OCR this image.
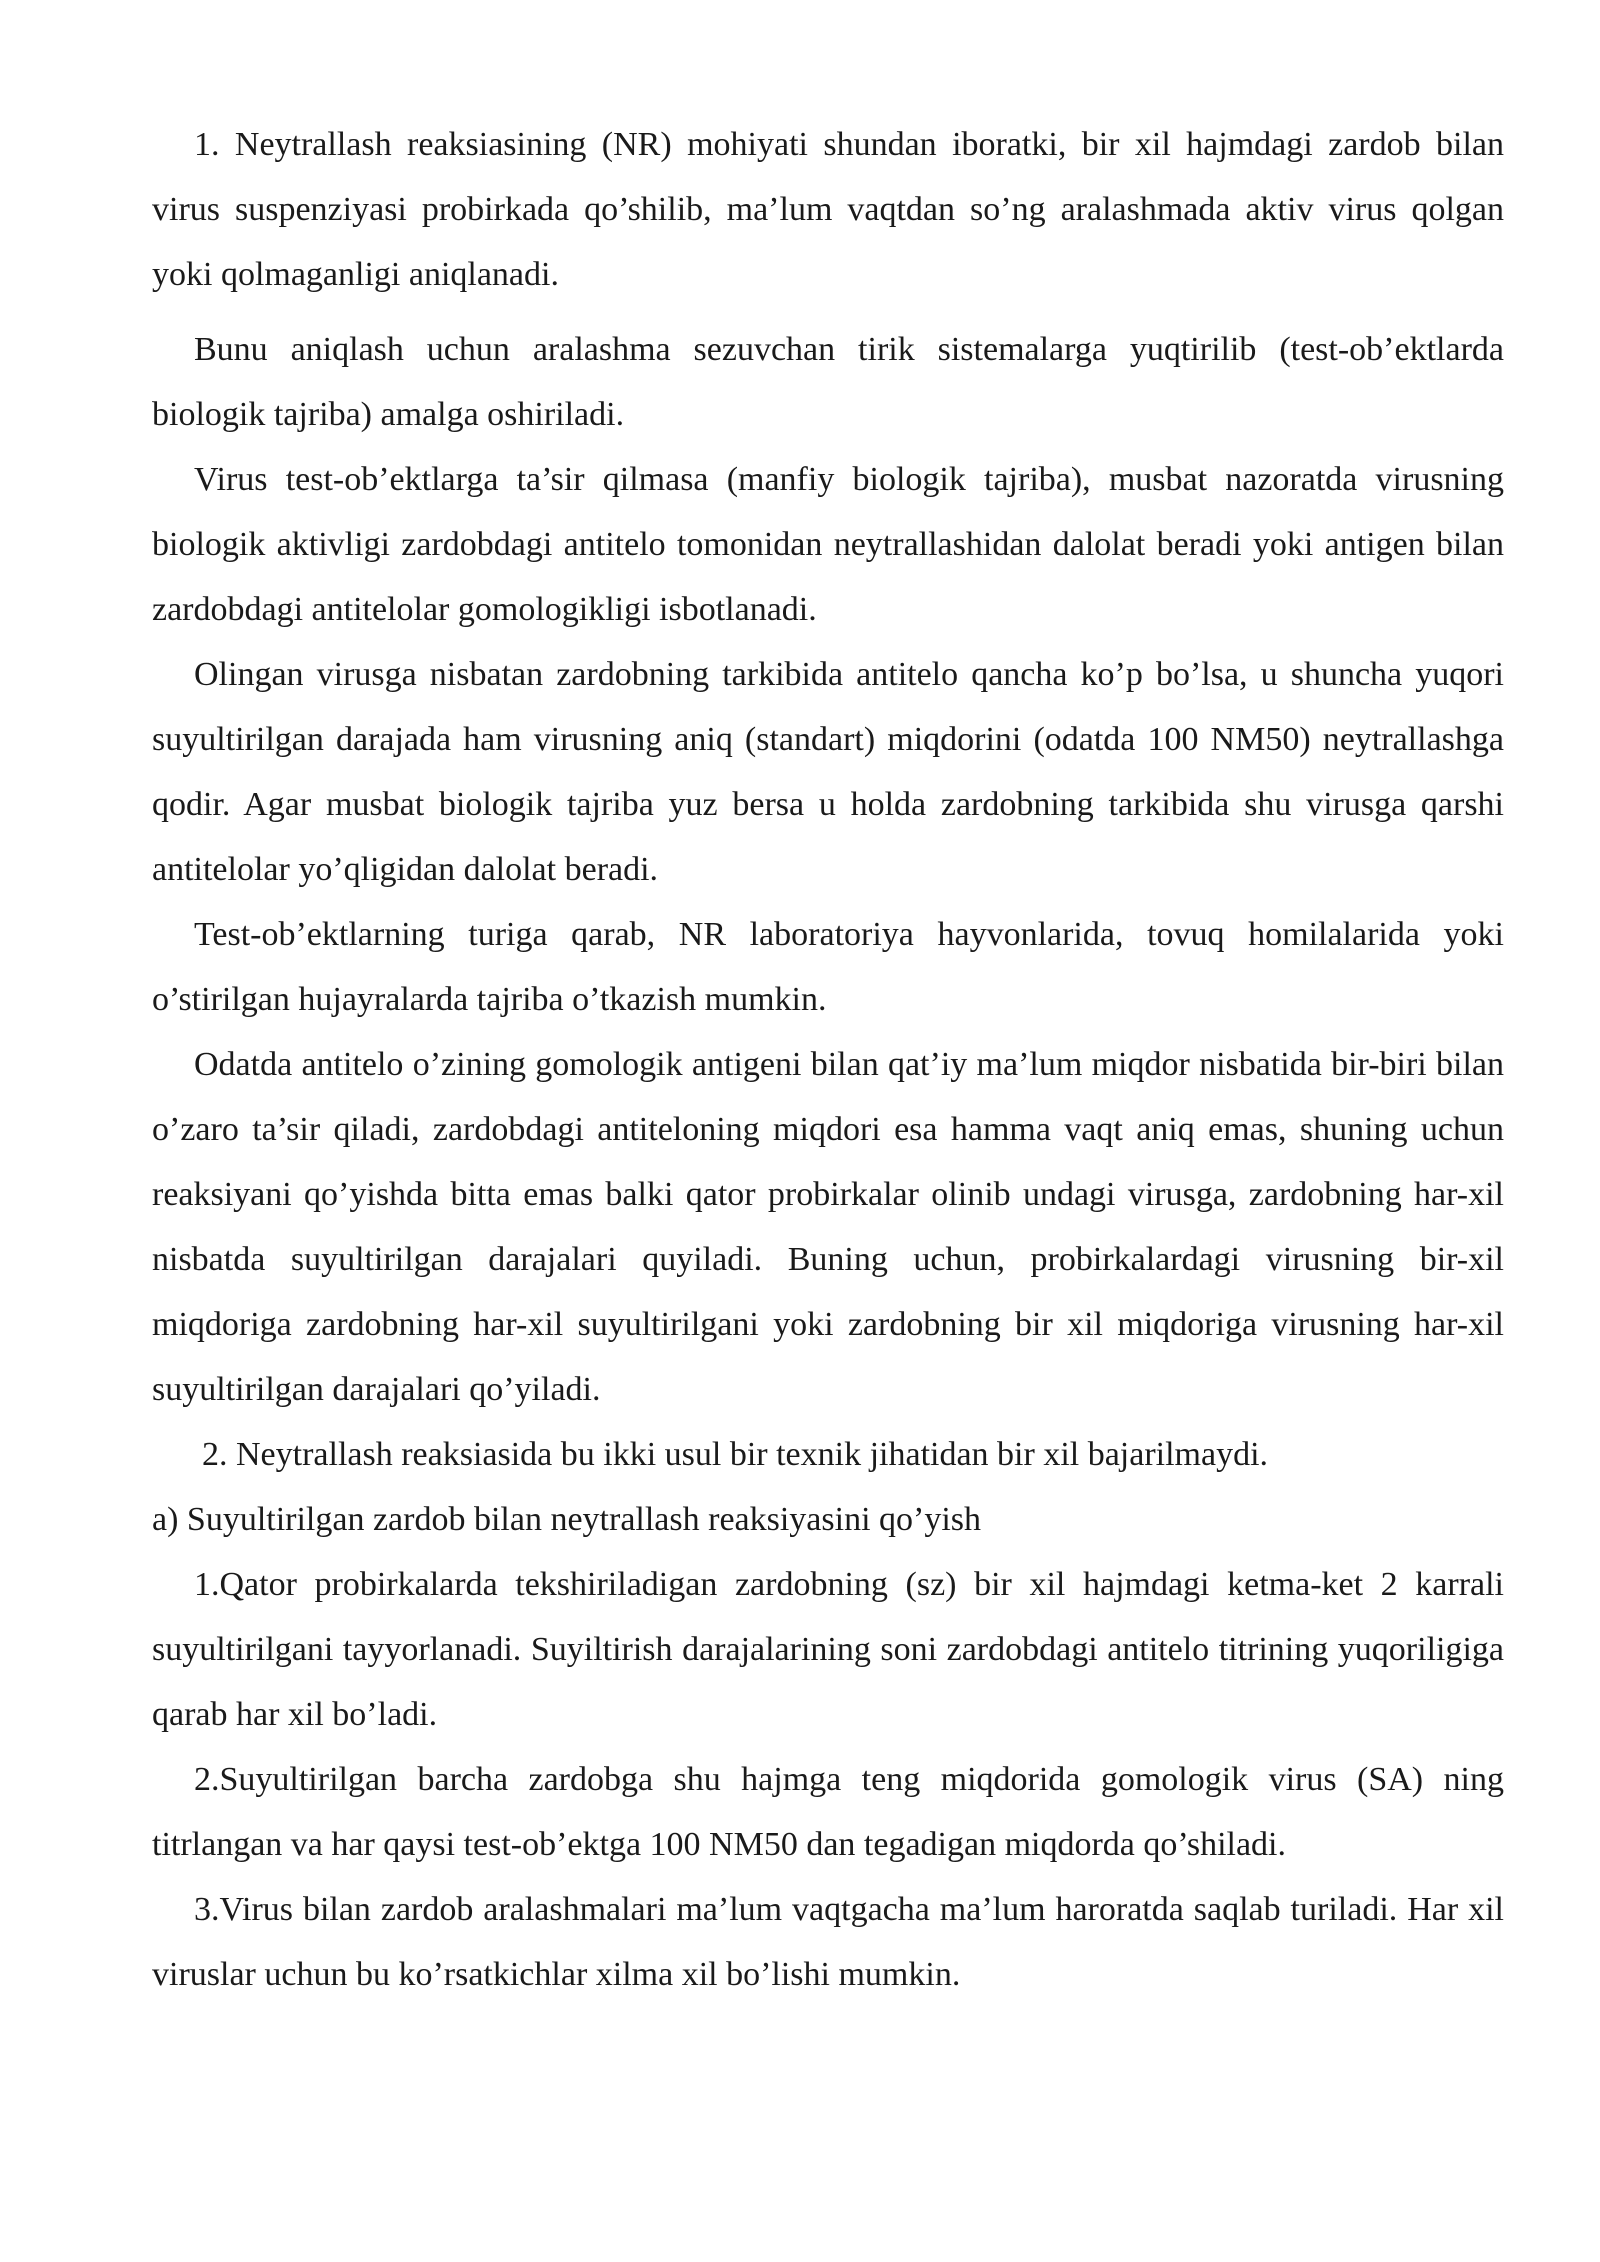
1. Neytrallash reaksiasining (NR) mohiyati shundan iboratki, bir xil hajmdagi zardob bilan virus suspenziyasi probirkada qo’shilib, ma’lum vaqtdan so’ng aralashmada aktiv virus qolgan yoki qolmaganligi aniqlanadi.

Bunu aniqlash uchun aralashma sezuvchan tirik sistemalarga yuqtirilib (test-ob’ektlarda biologik tajriba) amalga oshiriladi.

Virus test-ob’ektlarga ta’sir qilmasa (manfiy biologik tajriba), musbat nazoratda virusning biologik aktivligi zardobdagi antitelo tomonidan neytrallashidan dalolat beradi yoki antigen bilan zardobdagi antitelolar gomologikligi isbotlanadi.

Olingan virusga nisbatan zardobning tarkibida antitelo qancha ko’p bo’lsa, u shuncha yuqori suyultirilgan darajada ham virusning aniq (standart) miqdorini (odatda 100 NM50) neytrallashga qodir. Agar musbat biologik tajriba yuz bersa u holda zardobning tarkibida shu virusga qarshi antitelolar yo’qligidan dalolat beradi.

Test-ob’ektlarning turiga qarab, NR laboratoriya hayvonlarida, tovuq homilalarida yoki o’stirilgan hujayralarda tajriba o’tkazish mumkin.

Odatda antitelo o’zining gomologik antigeni bilan qat’iy ma’lum miqdor nisbatida bir-biri bilan o’zaro ta’sir qiladi, zardobdagi antiteloning miqdori esa hamma vaqt aniq emas, shuning uchun reaksiyani qo’yishda bitta emas balki qator probirkalar olinib undagi virusga, zardobning har-xil nisbatda suyultirilgan darajalari quyiladi. Buning uchun, probirkalardagi virusning bir-xil miqdoriga zardobning har-xil suyultirilgani yoki zardobning bir xil miqdoriga virusning har-xil suyultirilgan darajalari qo’yiladi.

2. Neytrallash reaksiasida bu ikki usul bir texnik jihatidan bir xil bajarilmaydi.

a) Suyultirilgan zardob bilan neytrallash reaksiyasini qo’yish

1.Qator probirkalarda tekshiriladigan zardobning (sz) bir xil hajmdagi ketma-ket 2 karrali suyultirilgani tayyorlanadi. Suyiltirish darajalarining soni zardobdagi antitelo titrining yuqoriligiga qarab har xil bo’ladi.

2.Suyultirilgan barcha zardobga shu hajmga teng miqdorida gomologik virus (SA) ning titrlangan va har qaysi test-ob’ektga 100 NM50 dan tegadigan miqdorda qo’shiladi.

3.Virus bilan zardob aralashmalari ma’lum vaqtgacha ma’lum haroratda saqlab turiladi. Har xil viruslar uchun bu ko’rsatkichlar xilma xil bo’lishi mumkin.
